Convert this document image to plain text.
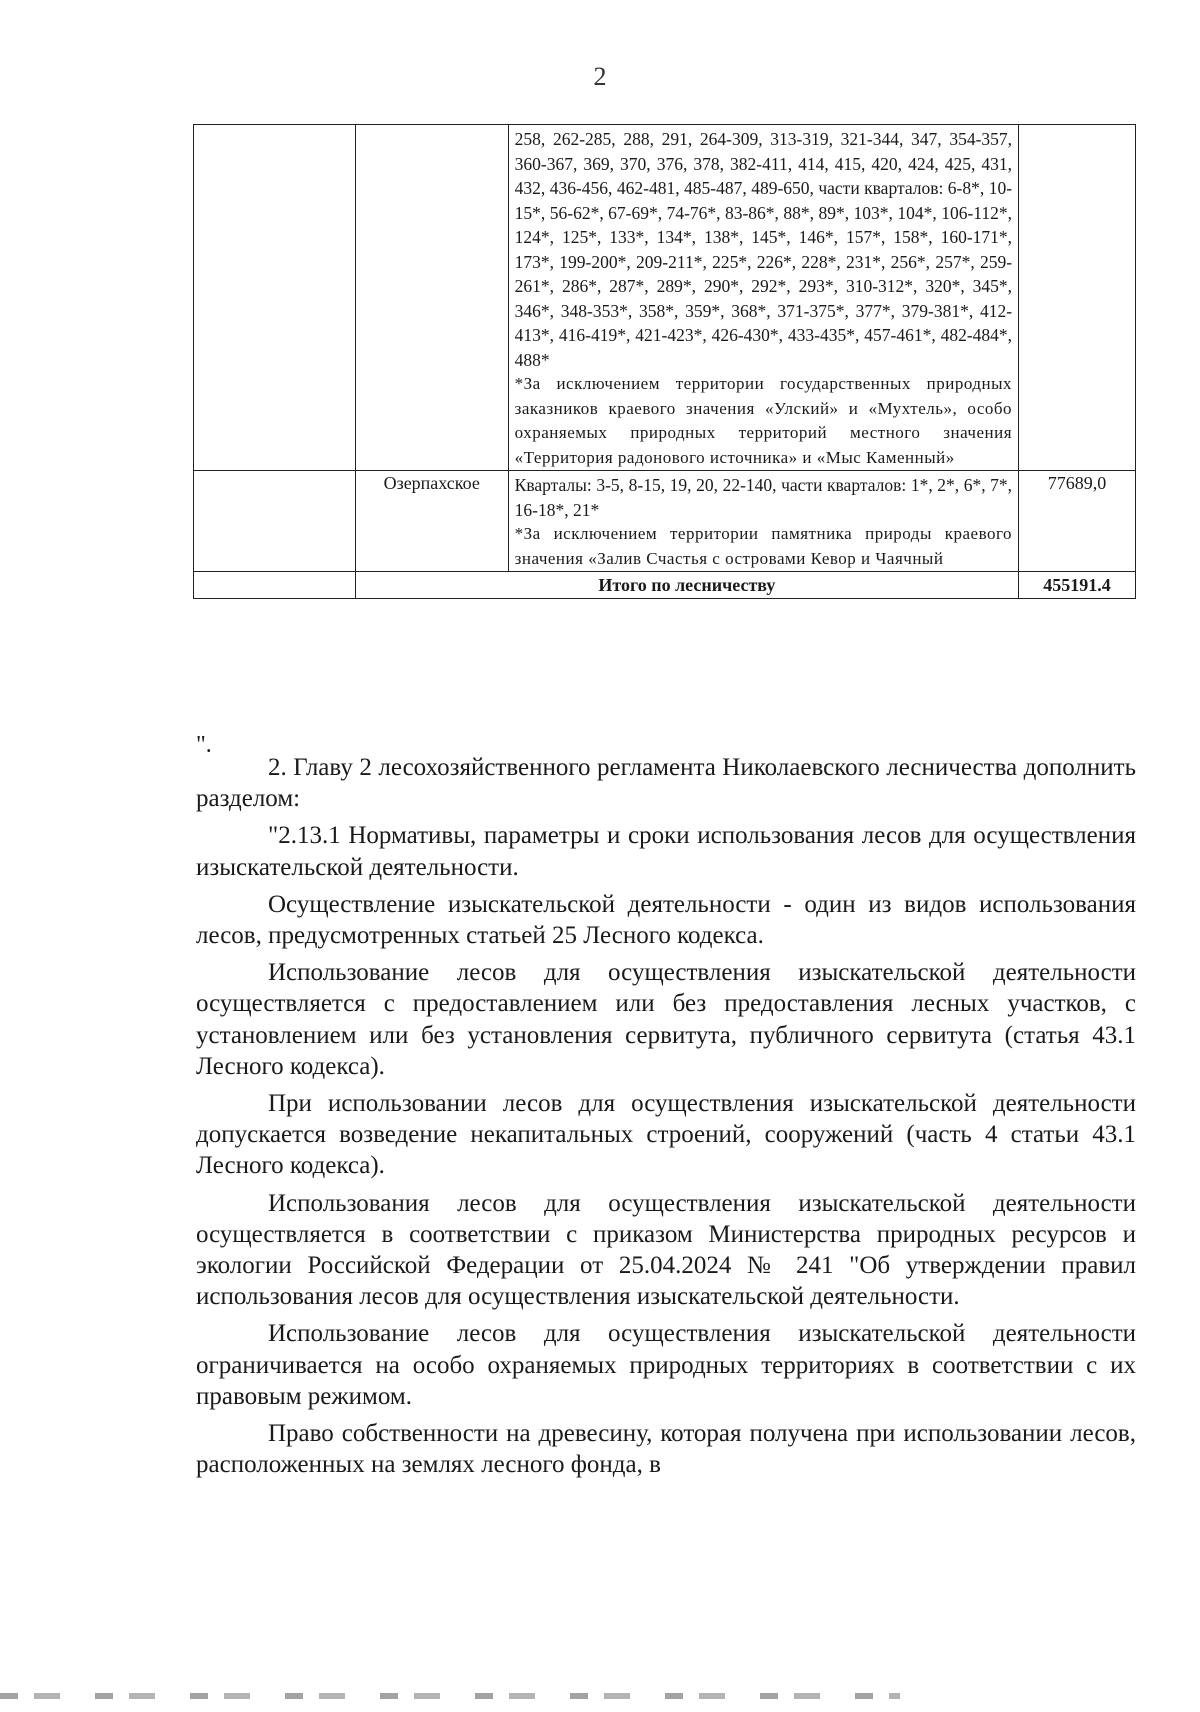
2

		258, 262-285, 288, 291, 264-309, 313-319, 321-344, 347, 354-357, 360-367, 369, 370, 376, 378, 382-411, 414, 415, 420, 424, 425, 431, 432, 436-456, 462-481, 485-487, 489-650, части кварталов: 6-8*, 10-15*, 56-62*, 67-69*, 74-76*, 83-86*, 88*, 89*, 103*, 104*, 106-112*, 124*, 125*, 133*, 134*, 138*, 145*, 146*, 157*, 158*, 160-171*, 173*, 199-200*, 209-211*, 225*, 226*, 228*, 231*, 256*, 257*, 259-261*, 286*, 287*, 289*, 290*, 292*, 293*, 310-312*, 320*, 345*, 346*, 348-353*, 358*, 359*, 368*, 371-375*, 377*, 379-381*, 412-413*, 416-419*, 421-423*, 426-430*, 433-435*, 457-461*, 482-484*, 488*
*За исключением территории государственных природных заказников краевого значения «Улский» и «Мухтель», особо охраняемых природных территорий местного значения «Территория радонового источника» и «Мыс Каменный»	

	Озерпахское	Кварталы: 3-5, 8-15, 19, 20, 22-140, части кварталов: 1*, 2*, 6*, 7*, 16-18*, 21*
*За исключением территории памятника природы краевого значения «Залив Счастья с островами Кевор и Чаячный	77689,0
	Итого по лесничеству		455191.4
".

2. Главу 2 лесохозяйственного регламента Николаевского лесничества дополнить разделом:

"2.13.1 Нормативы, параметры и сроки использования лесов для осуществления изыскательской деятельности.

Осуществление изыскательской деятельности - один из видов использования лесов, предусмотренных статьей 25 Лесного кодекса.

Использование лесов для осуществления изыскательской деятельности осуществляется с предоставлением или без предоставления лесных участков, с установлением или без установления сервитута, публичного сервитута (статья 43.1 Лесного кодекса).

При использовании лесов для осуществления изыскательской деятельности допускается возведение некапитальных строений, сооружений (часть 4 статьи 43.1 Лесного кодекса).

Использования лесов для осуществления изыскательской деятельности осуществляется в соответствии с приказом Министерства природных ресурсов и экологии Российской Федерации от 25.04.2024 № 241 "Об утверждении правил использования лесов для осуществления изыскательской деятельности.

Использование лесов для осуществления изыскательской деятельности ограничивается на особо охраняемых природных территориях в соответствии с их правовым режимом.

Право собственности на древесину, которая получена при использовании лесов, расположенных на землях лесного фонда, в
